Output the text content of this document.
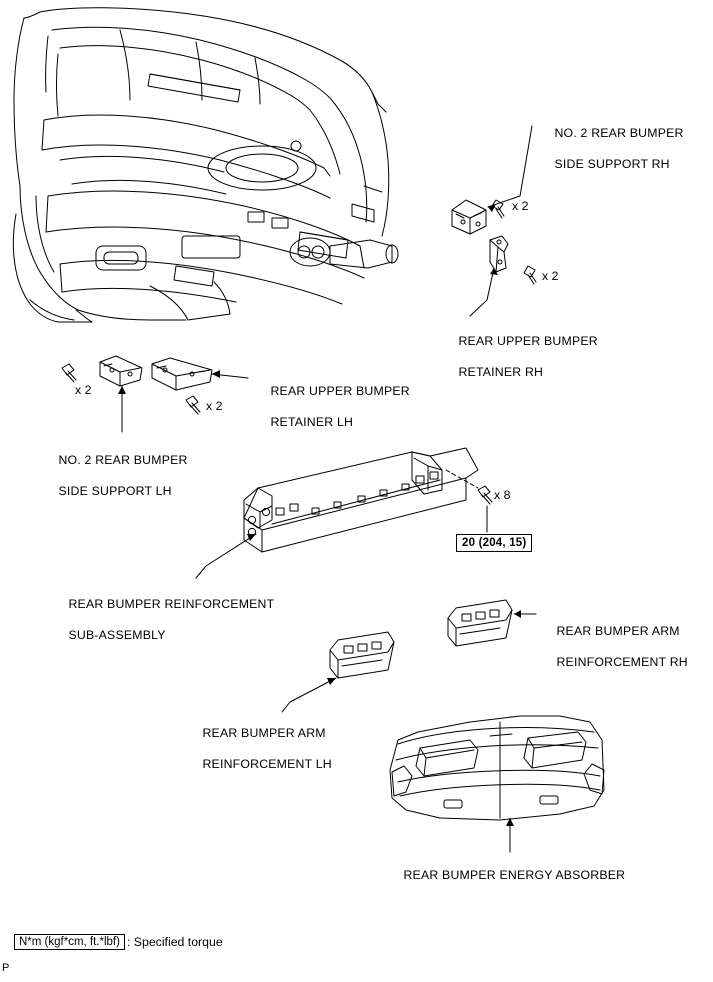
NO. 2 REAR BUMPER

SIDE SUPPORT RH

x 2
x 2

REAR UPPER BUMPER

RETAINER RH

REAR UPPER BUMPER

RETAINER LH

x 2
x 2

NO. 2 REAR BUMPER

SIDE SUPPORT LH
	x 8
20 (204, 15)

REAR BUMPER REINFORCEMENT

SUB-ASSEMBLY
	REAR BUMPER ARM

REINFORCEMENT RH

REAR BUMPER ARM

REINFORCEMENT LH

REAR BUMPER ENERGY ABSORBER

N*m (kgf*cm, ft.*lbf) : Specified torque
P
